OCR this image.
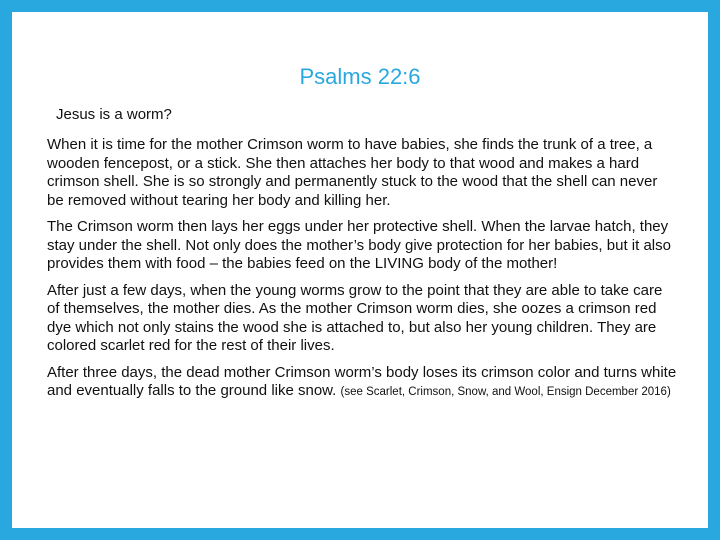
Psalms 22:6

Jesus is a worm?

When it is time for the mother Crimson worm to have babies, she finds the trunk of a tree, a wooden fencepost, or a stick. She then attaches her body to that wood and makes a hard crimson shell. She is so strongly and permanently stuck to the wood that the shell can never be removed without tearing her body and killing her.

The Crimson worm then lays her eggs under her protective shell. When the larvae hatch, they stay under the shell. Not only does the mother’s body give protection for her babies, but it also provides them with food – the babies feed on the LIVING body of the mother!

After just a few days, when the young worms grow to the point that they are able to take care of themselves, the mother dies. As the mother Crimson worm dies, she oozes a crimson red dye which not only stains the wood she is attached to, but also her young children. They are colored scarlet red for the rest of their lives.

After three days, the dead mother Crimson worm’s body loses its crimson color and turns white and eventually falls to the ground like snow. (see Scarlet, Crimson, Snow, and Wool, Ensign December 2016)
